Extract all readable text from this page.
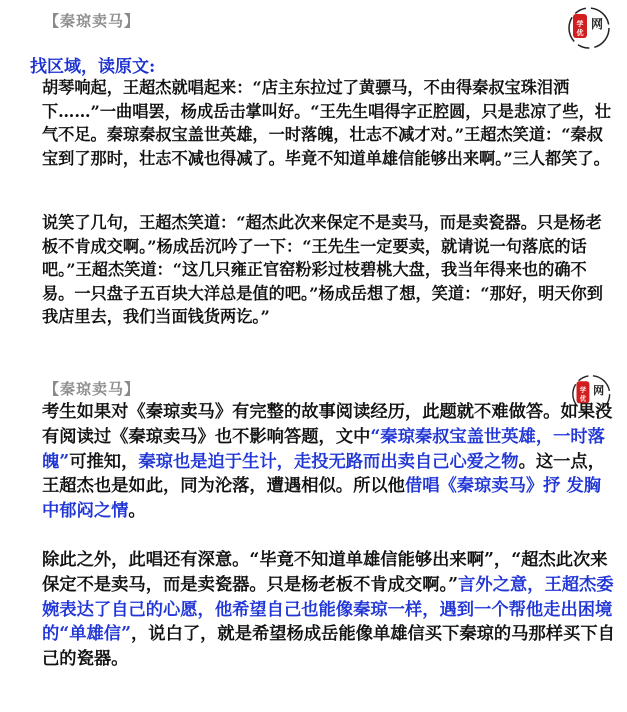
【秦琼卖马】	学
优
网
找区域，读原文:

胡琴响起，王超杰就唱起来：“店主东拉过了黄骠马，不由得秦叔宝珠泪洒下……”一曲唱罢，杨成岳击掌叫好。“王先生唱得字正腔圆，只是悲凉了些，壮气不足。秦琼秦叔宝盖世英雄，一时落魄，壮志不减才对。”王超杰笑道：“秦叔宝到了那时，壮志不减也得减了。毕竟不知道单雄信能够出来啊。”三人都笑了。

说笑了几句，王超杰笑道：“超杰此次来保定不是卖马，而是卖瓷器。只是杨老板不肯成交啊。”杨成岳沉吟了一下：“王先生一定要卖，就请说一句落底的话吧。”王超杰笑道：“这几只雍正官窑粉彩过枝碧桃大盘，我当年得来也的确不易。一只盘子五百块大洋总是值的吧。”杨成岳想了想，笑道：“那好，明天你到我店里去，我们当面钱货两讫。”

【秦琼卖马】	学
优
网

考生如果对《秦琼卖马》有完整的故事阅读经历，此题就不难做答。如果没有阅读过《秦琼卖马》也不影响答题，文中“秦琼秦叔宝盖世英雄，一时落魄”可推知，秦琼也是迫于生计，走投无路而出卖自己心爱之物。这一点，王超杰也是如此，同为沦落，遭遇相似。所以他借唱《秦琼卖马》抒 发胸中郁闷之情。

除此之外，此唱还有深意。“毕竟不知道单雄信能够出来啊”，“超杰此次来保定不是卖马，而是卖瓷器。只是杨老板不肯成交啊。”言外之意，王超杰委婉表达了自己的心愿，他希望自己也能像秦琼一样，遇到一个帮他走出困境的“单雄信”，说白了，就是希望杨成岳能像单雄信买下秦琼的马那样买下自己的瓷器。
